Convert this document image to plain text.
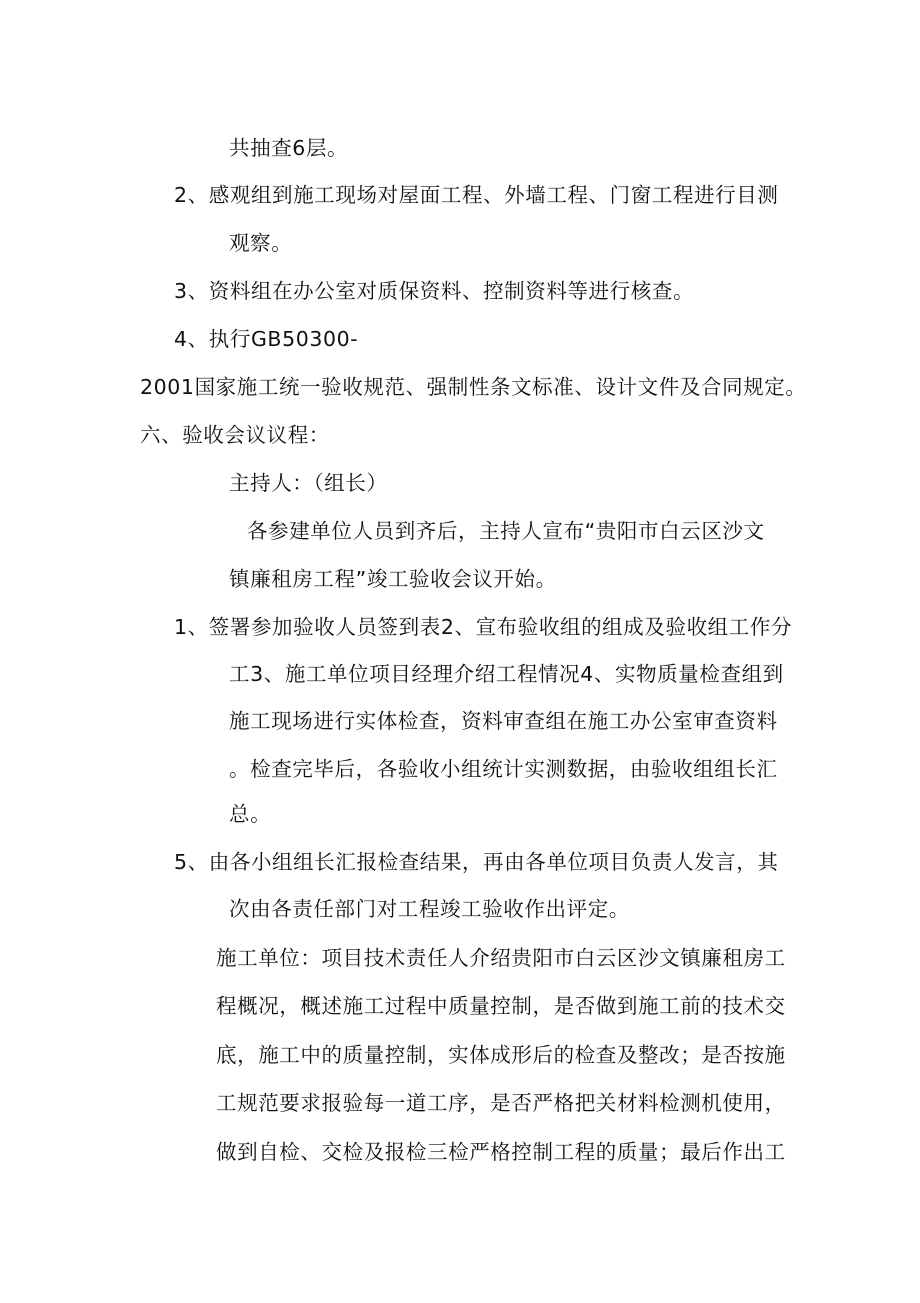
共抽查6层。
2、感观组到施工现场对屋面工程、外墙工程、门窗工程进行目测
观察。
3、资料组在办公室对质保资料、控制资料等进行核查。
4、执行GB50300-
2001国家施工统一验收规范、强制性条文标准、设计文件及合同规定。
六、验收会议议程：
主持人：（组长）
各参建单位人员到齐后，主持人宣布“贵阳市白云区沙文
镇廉租房工程”竣工验收会议开始。
1、签署参加验收人员签到表2、宣布验收组的组成及验收组工作分
工3、施工单位项目经理介绍工程情况4、实物质量检查组到
施工现场进行实体检查，资料审查组在施工办公室审查资料
。检查完毕后，各验收小组统计实测数据，由验收组组长汇
总。
5、由各小组组长汇报检查结果，再由各单位项目负责人发言，其
次由各责任部门对工程竣工验收作出评定。
施工单位：项目技术责任人介绍贵阳市白云区沙文镇廉租房工
程概况，概述施工过程中质量控制，是否做到施工前的技术交
底，施工中的质量控制，实体成形后的检查及整改；是否按施
工规范要求报验每一道工序，是否严格把关材料检测机使用，
做到自检、交检及报检三检严格控制工程的质量；最后作出工
